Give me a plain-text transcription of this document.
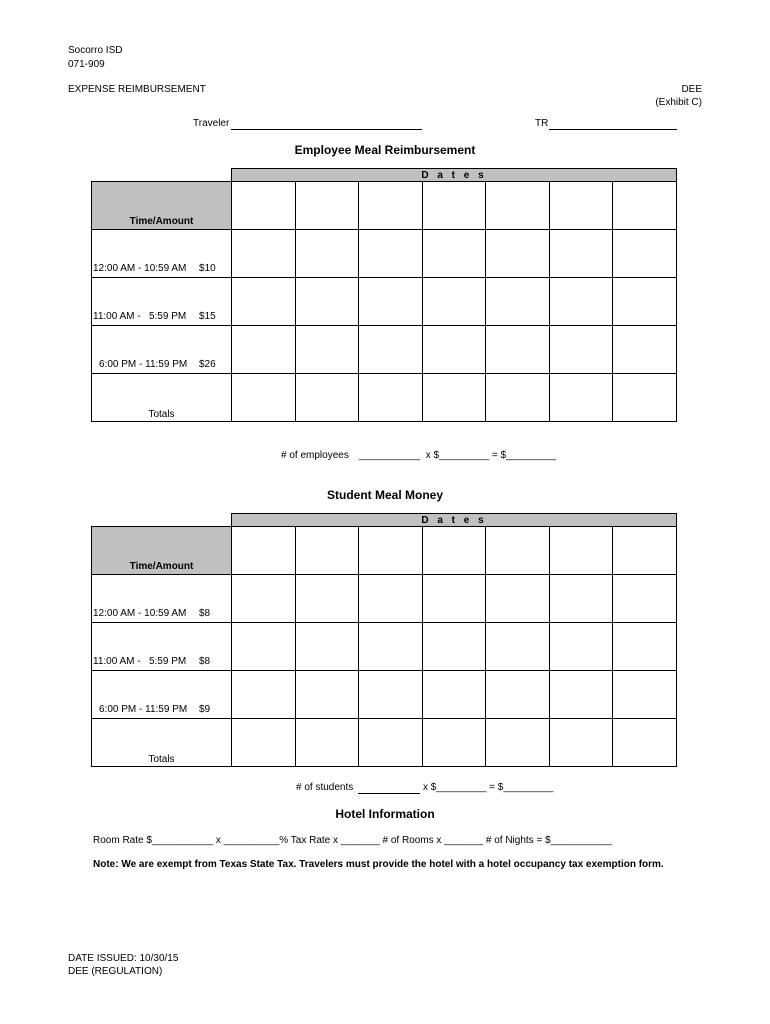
Socorro ISD
071-909
EXPENSE REIMBURSEMENT	DEE
(Exhibit C)
Traveler	TR
Employee Meal Reimbursement
	D a t e s						
Time/Amount							
12:00 AM - 10:59 AM $10							
11:00 AM -   5:59 PM $15							
6:00 PM - 11:59 PM $26							
Totals							
# of employees ___________  x $_________ = $_________
Student Meal Money
	D a t e s						
Time/Amount							
12:00 AM - 10:59 AM $8							
11:00 AM -   5:59 PM $8							
6:00 PM - 11:59 PM $9							
Totals							
# of students	x $_________ = $_________
Hotel Information
Room Rate $___________ x __________% Tax Rate x _______ # of Rooms x _______ # of Nights = $___________
Note: We are exempt from Texas State Tax. Travelers must provide the hotel with a hotel occupancy tax exemption form.
DATE ISSUED: 10/30/15
DEE (REGULATION)
